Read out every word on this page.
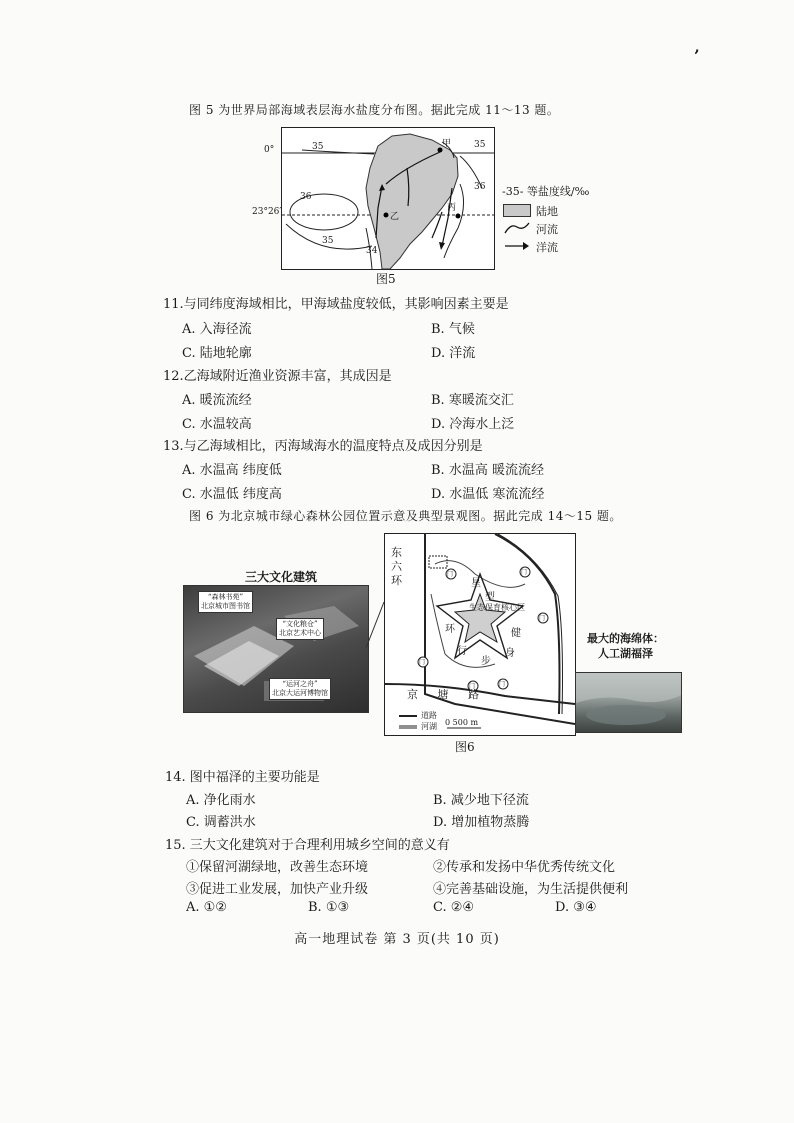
’
图 5 为世界局部海域表层海水盐度分布图。据此完成 11～13 题。
35	35
36
36
35
34
甲
乙
丙
0°
23°26′
-35- 等盐度线/‰
陆地
河流
洋流
图5
11.与同纬度海域相比，甲海域盐度较低，其影响因素主要是
A. 入海径流	B. 气候
C. 陆地轮廓	D. 洋流
12.乙海域附近渔业资源丰富，其成因是
A. 暖流流经	B. 寒暖流交汇
C. 水温较高	D. 冷海水上泛
13.与乙海域相比，丙海域海水的温度特点及成因分别是
A. 水温高 纬度低	B. 水温高 暖流流经
C. 水温低 纬度高	D. 水温低 寒流流经
图 6 为北京城市绿心森林公园位置示意及典型景观图。据此完成 14～15 题。
三大文化建筑
“森林书苑”
北京城市图书馆
“文化粮仓”
北京艺术中心
“运河之舟”
北京大运河博物馆
东六环
京 塘 路
生态保育核心区
星
型
健
身
行
步
环
门	门
门
门
门	门
道路
河湖 0 500 m
最大的海绵体：
人工湖福泽
图6
14. 图中福泽的主要功能是
A. 净化雨水	B. 减少地下径流
C. 调蓄洪水	D. 增加植物蒸腾
15. 三大文化建筑对于合理利用城乡空间的意义有
①保留河湖绿地，改善生态环境	②传承和发扬中华优秀传统文化
③促进工业发展，加快产业升级	④完善基础设施，为生活提供便利
A. ①②	B. ①③	C. ②④	D. ③④
高一地理试卷 第 3 页(共 10 页)
